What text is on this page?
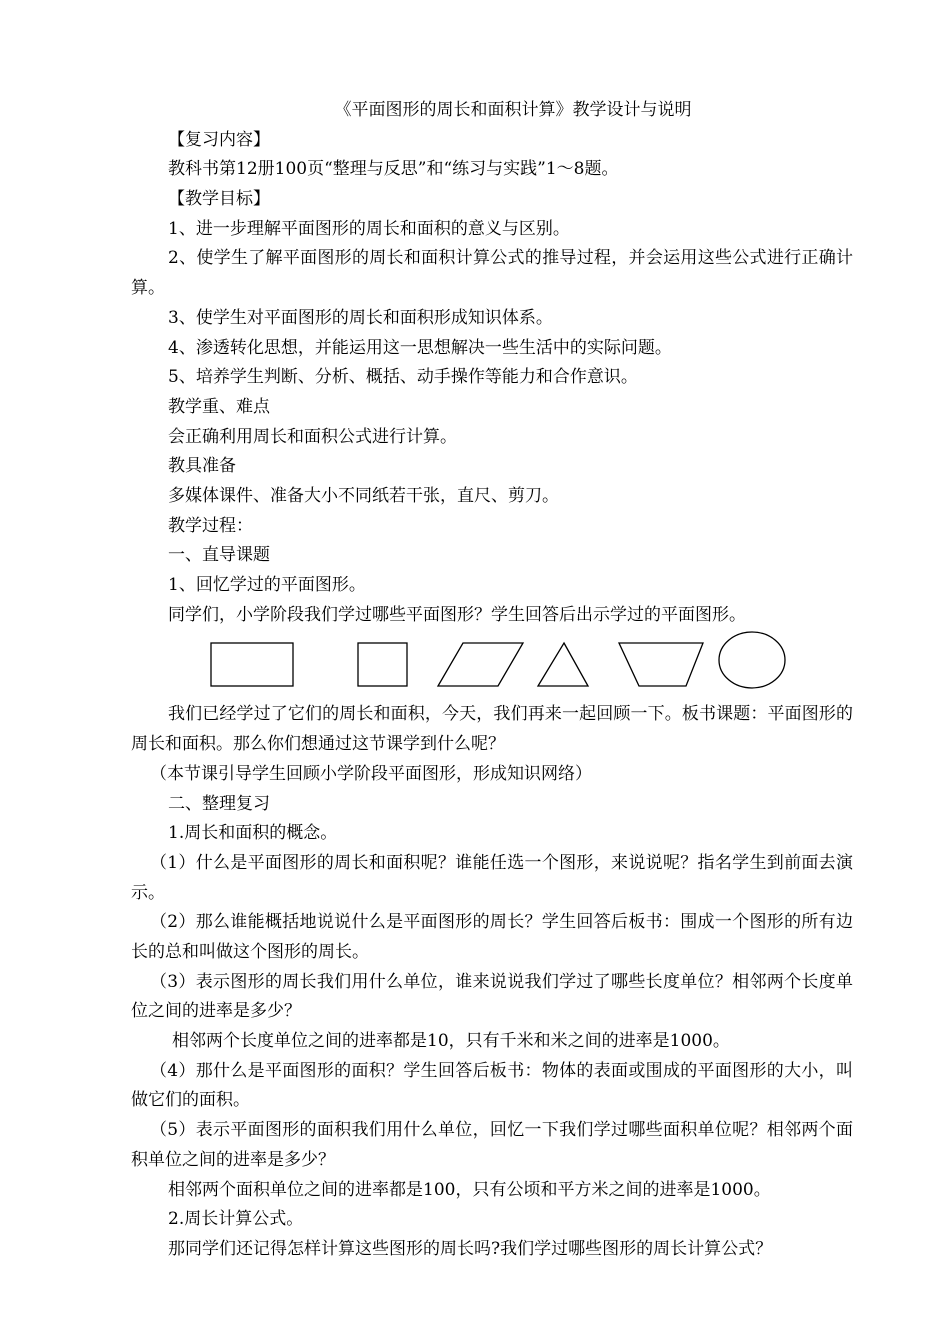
《平面图形的周长和面积计算》教学设计与说明
【复习内容】
教科书第12册100页“整理与反思”和“练习与实践”1～8题。
【教学目标】
1、进一步理解平面图形的周长和面积的意义与区别。
2、使学生了解平面图形的周长和面积计算公式的推导过程，并会运用这些公式进行正确计算。
3、使学生对平面图形的周长和面积形成知识体系。
4、渗透转化思想，并能运用这一思想解决一些生活中的实际问题。
5、培养学生判断、分析、概括、动手操作等能力和合作意识。
教学重、难点
会正确利用周长和面积公式进行计算。
教具准备
多媒体课件、准备大小不同纸若干张，直尺、剪刀。
教学过程：
一、直导课题
1、回忆学过的平面图形。
同学们，小学阶段我们学过哪些平面图形？学生回答后出示学过的平面图形。
我们已经学过了它们的周长和面积，今天，我们再来一起回顾一下。板书课题：平面图形的周长和面积。那么你们想通过这节课学到什么呢？
（本节课引导学生回顾小学阶段平面图形，形成知识网络）
二、整理复习
1.周长和面积的概念。
（1）什么是平面图形的周长和面积呢？谁能任选一个图形，来说说呢？指名学生到前面去演示。
（2）那么谁能概括地说说什么是平面图形的周长？学生回答后板书：围成一个图形的所有边长的总和叫做这个图形的周长。
（3）表示图形的周长我们用什么单位，谁来说说我们学过了哪些长度单位？相邻两个长度单位之间的进率是多少？
相邻两个长度单位之间的进率都是10，只有千米和米之间的进率是1000。
（4）那什么是平面图形的面积？学生回答后板书：物体的表面或围成的平面图形的大小，叫做它们的面积。
（5）表示平面图形的面积我们用什么单位，回忆一下我们学过哪些面积单位呢？相邻两个面积单位之间的进率是多少？
相邻两个面积单位之间的进率都是100，只有公顷和平方米之间的进率是1000。
2.周长计算公式。
那同学们还记得怎样计算这些图形的周长吗?我们学过哪些图形的周长计算公式？
